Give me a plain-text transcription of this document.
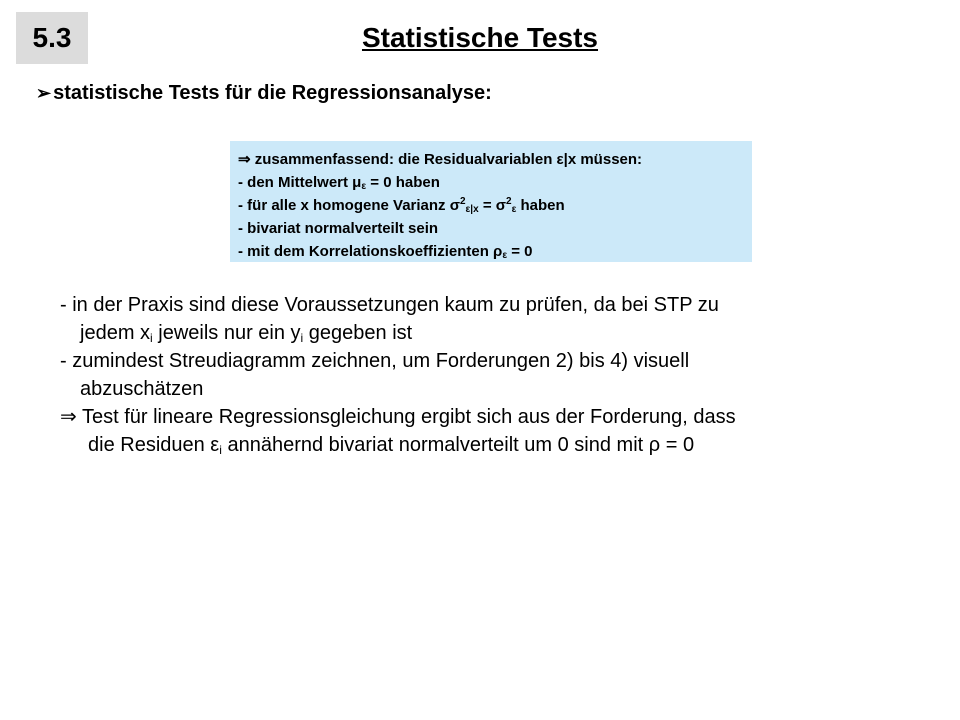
5.3	Statistische Tests
➢ statistische Tests für die Regressionsanalyse:
⇒ zusammenfassend: die Residualvariablen ε|x müssen:
- den Mittelwert $\mu_\varepsilon = 0$ haben
- für alle x homogene Varianz $\sigma^2_{\varepsilon|x} = \sigma^2_\varepsilon$ haben
- bivariat normalverteilt sein
- mit dem Korrelationskoeffizienten $\rho_\varepsilon = 0$
- in der Praxis sind diese Voraussetzungen kaum zu prüfen, da bei STP zu
jedem $x_i$ jeweils nur ein $y_i$ gegeben ist
- zumindest Streudiagramm zeichnen, um Forderungen 2) bis 4) visuell
abzuschätzen
⇒ Test für lineare Regressionsgleichung ergibt sich aus der Forderung, dass
die Residuen $\varepsilon_i$ annähernd bivariat normalverteilt um 0 sind mit ρ = 0
